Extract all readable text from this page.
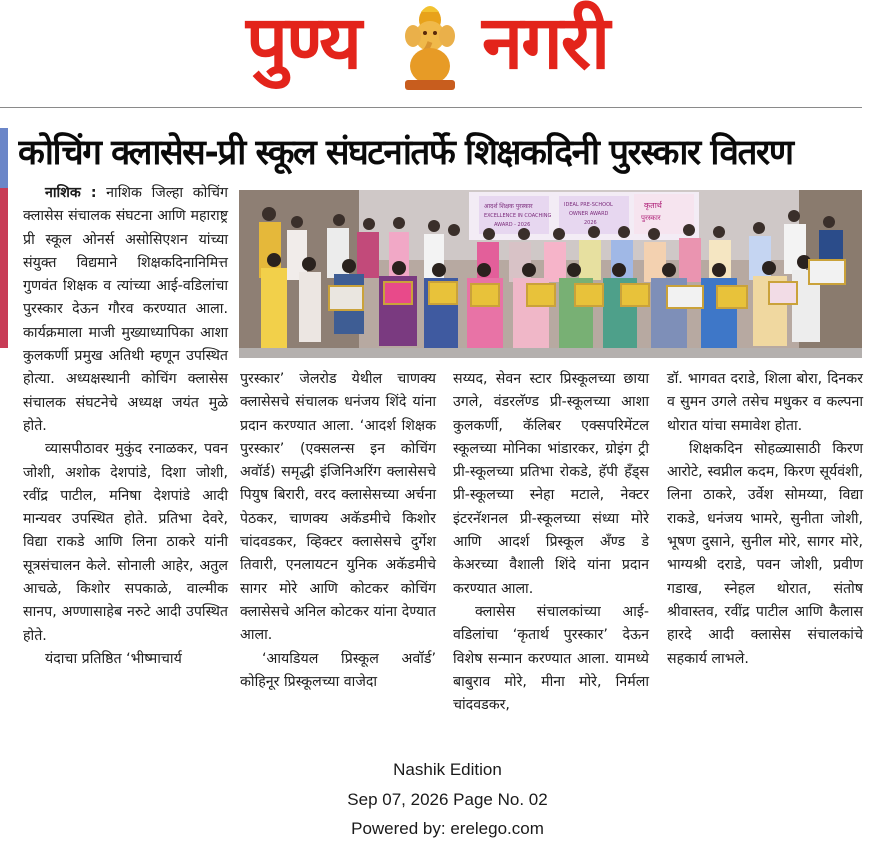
पुण्य नगरी
कोचिंग क्लासेस-प्री स्कूल संघटनांतर्फे शिक्षकदिनी पुरस्कार वितरण

नाशिक : नाशिक जिल्हा कोचिंग क्लासेस संचालक संघटना आणि महाराष्ट्र प्री स्कूल ओनर्स असोसिएशन यांच्या संयुक्त विद्यमाने शिक्षकदिनानिमित्त गुणवंत शिक्षक व त्यांच्या आई-वडिलांचा पुरस्कार देऊन गौरव करण्यात आला. कार्यक्रमाला माजी मुख्याध्यापिका आशा कुलकर्णी प्रमुख अतिथी म्हणून उपस्थित होत्या. अध्यक्षस्थानी कोचिंग क्लासेस संचालक संघटनेचे अध्यक्ष जयंत मुळे होते.

व्यासपीठावर मुकुंद रनाळकर, पवन जोशी, अशोक देशपांडे, दिशा जोशी, रवींद्र पाटील, मनिषा देशपांडे आदी मान्यवर उपस्थित होते. प्रतिभा देवरे, विद्या राकडे आणि लिना ठाकरे यांनी सूत्रसंचालन केले. सोनाली आहेर, अतुल आचळे, किशोर सपकाळे, वाल्मीक सानप, अण्णासाहेब नरुटे आदी उपस्थित होते.

यंदाचा प्रतिष्ठित ‘भीष्माचार्य

आदर्श शिक्षक पुरस्कार
EXCELLENCE IN COACHING
AWARD - 2026
IDEAL PRE-SCHOOL
OWNER AWARD
2026
कृतार्थ
पुरस्कार

पुरस्कार’ जेलरोड येथील चाणक्य क्लासेसचे संचालक धनंजय शिंदे यांना प्रदान करण्यात आला. ‘आदर्श शिक्षक पुरस्कार’ (एक्सलन्स इन कोचिंग अवॉर्ड) समृद्धी इंजिनिअरिंग क्लासेसचे पियुष बिरारी, वरद क्लासेसच्या अर्चना पेठकर, चाणक्य अकॅडमीचे किशोर चांदवडकर, व्हिक्टर क्लासेसचे दुर्गेश तिवारी, एनलायटन युनिक अकॅडमीचे सागर मोरे आणि कोटकर कोचिंग क्लासेसचे अनिल कोटकर यांना देण्यात आला.

‘आयडियल प्रिस्कूल अवॉर्ड’ कोहिनूर प्रिस्कूलच्या वाजेदा

सय्यद, सेवन स्टार प्रिस्कूलच्या छाया उगले, वंडरलॅण्ड प्री-स्कूलच्या आशा कुलकर्णी, कॅलिबर एक्सपरिमेंटल स्कूलच्या मोनिका भांडारकर, ग्रोइंग ट्री प्री-स्कूलच्या प्रतिभा रोकडे, हॅपी हँड्स प्री-स्कूलच्या स्नेहा मटाले, नेक्टर इंटरनॅशनल प्री-स्कूलच्या संध्या मोरे आणि आदर्श प्रिस्कूल अँण्ड डे केअरच्या वैशाली शिंदे यांना प्रदान करण्यात आला.

क्लासेस संचालकांच्या आई-वडिलांचा ‘कृतार्थ पुरस्कार’ देऊन विशेष सन्मान करण्यात आला. यामध्ये बाबुराव मोरे, मीना मोरे, निर्मला चांदवडकर,

डॉ. भागवत दराडे, शिला बोरा, दिनकर व सुमन उगले तसेच मधुकर व कल्पना थोरात यांचा समावेश होता.

शिक्षकदिन सोहळ्यासाठी किरण आरोटे, स्वप्नील कदम, किरण सूर्यवंशी, लिना ठाकरे, उर्वेश सोमय्या, विद्या राकडे, धनंजय भामरे, सुनीता जोशी, भूषण दुसाने, सुनील मोरे, सागर मोरे, भाग्यश्री दराडे, पवन जोशी, प्रवीण गडाख, स्नेहल थोरात, संतोष श्रीवास्तव, रवींद्र पाटील आणि कैलास हारदे आदी क्लासेस संचालकांचे सहकार्य लाभले.

Nashik Edition
Sep 07, 2026 Page No. 02
Powered by: erelego.com
